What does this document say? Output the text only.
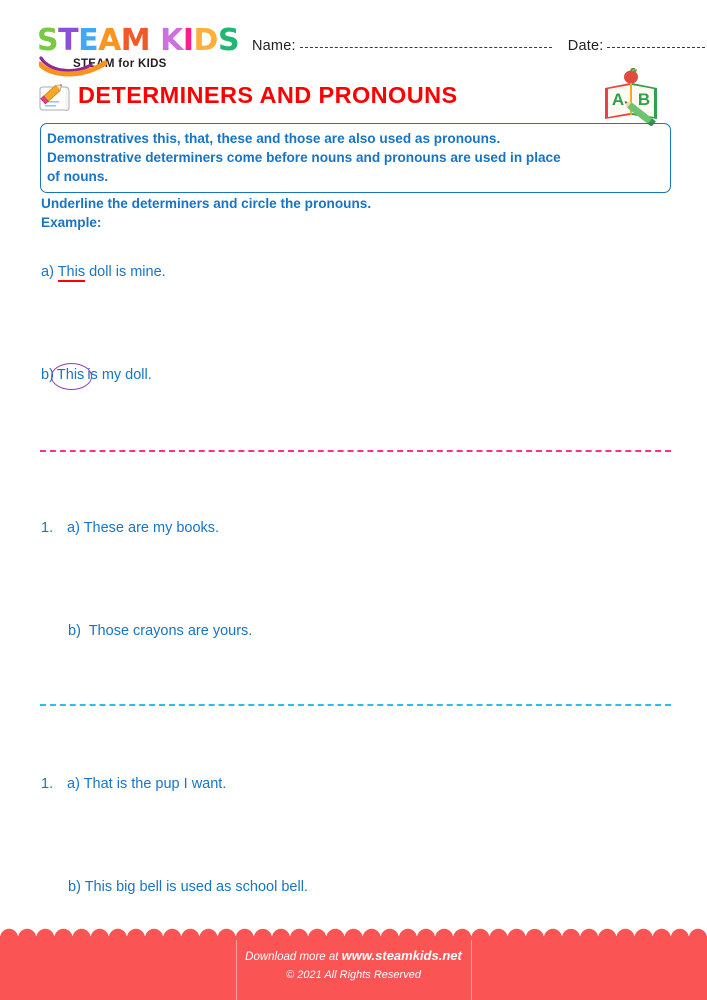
STEAM KIDS
STEAM for KIDS
Name:	Date:
DETERMINERS AND PRONOUNS	A B
Demonstratives this, that, these and those are also used as pronouns.
Demonstrative determiners come before nouns and pronouns are used in place
of nouns.
Underline the determiners and circle the pronouns.
Example:
a) This doll is mine.
b) This is my doll.
1. a) These are my books.
b) Those crayons are yours.
1. a) That is the pup I want.
b) This big bell is used as school bell.
Download more at www.steamkids.net
© 2021 All Rights Reserved
